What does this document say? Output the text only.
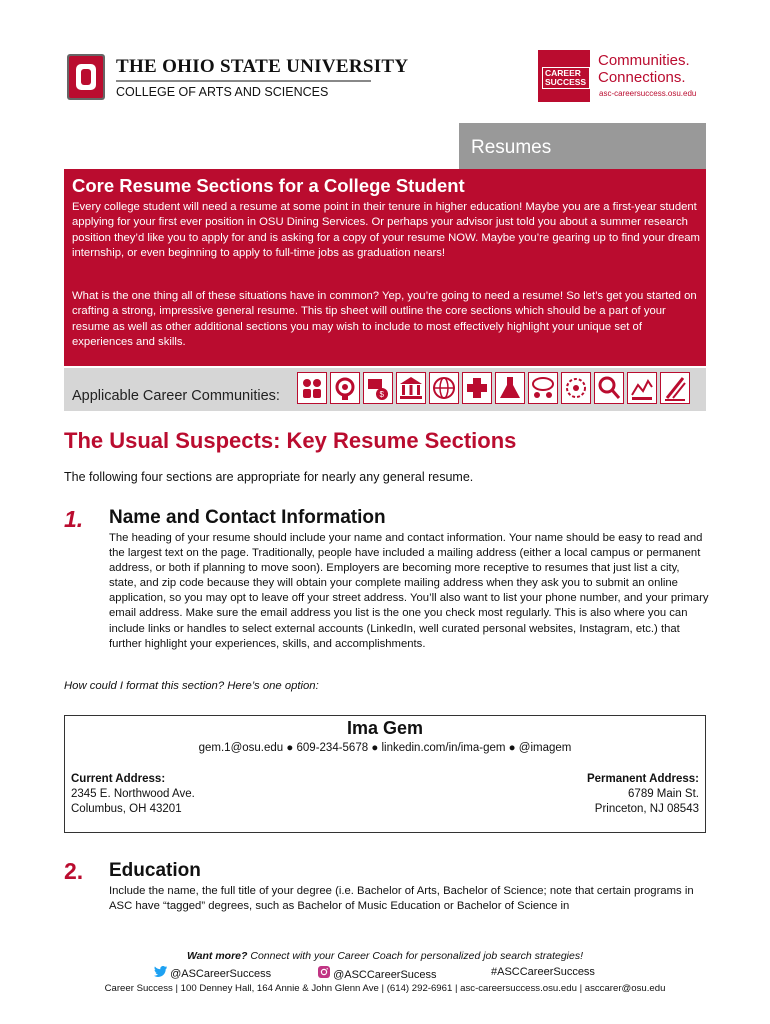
THE OHIO STATE UNIVERSITY
COLLEGE OF ARTS AND SCIENCES
CAREER SUCCESS
Communities.
Connections.
asc-careersuccess.osu.edu
Resumes
Core Resume Sections for a College Student

Every college student will need a resume at some point in their tenure in higher education! Maybe you are a first-year student applying for your first ever position in OSU Dining Services. Or perhaps your advisor just told you about a summer research position they’d like you to apply for and is asking for a copy of your resume NOW. Maybe you’re gearing up to find your dream internship, or even beginning to apply to full-time jobs as graduation nears!

What is the one thing all of these situations have in common? Yep, you’re going to need a resume! So let’s get you started on crafting a strong, impressive general resume. This tip sheet will outline the core sections which should be a part of your resume as well as other additional sections you may wish to include to most effectively highlight your unique set of experiences and skills.

Applicable Career Communities:	$
The Usual Suspects: Key Resume Sections
The following four sections are appropriate for nearly any general resume.
1. Name and Contact Information

The heading of your resume should include your name and contact information. Your name should be easy to read and the largest text on the page. Traditionally, people have included a mailing address (either a local campus or permanent address, or both if planning to move soon). Employers are becoming more receptive to resumes that just list a city, state, and zip code because they will obtain your complete mailing address when they ask you to submit an online application, so you may opt to leave off your street address. You’ll also want to list your phone number, and your primary email address. Make sure the email address you list is the one you check most regularly. This is also where you can include links or handles to select external accounts (LinkedIn, well curated personal websites, Instagram, etc.) that further highlight your experiences, skills, and accomplishments.

How could I format this section? Here’s one option:
Ima Gem
gem.1@osu.edu ● 609-234-5678 ● linkedin.com/in/ima-gem ● @imagem
Current Address:
2345 E. Northwood Ave.
Columbus, OH 43201
Permanent Address:
6789 Main St.
Princeton, NJ 08543
2. Education

Include the name, the full title of your degree (i.e. Bachelor of Arts, Bachelor of Science; note that certain programs in ASC have “tagged” degrees, such as Bachelor of Music Education or Bachelor of Science in

Want more? Connect with your Career Coach for personalized job search strategies!
@ASCareerSuccess	@ASCCareerSucess	#ASCCareerSuccess
Career Success | 100 Denney Hall, 164 Annie & John Glenn Ave | (614) 292-6961 | asc-careersuccess.osu.edu | asccarer@osu.edu
